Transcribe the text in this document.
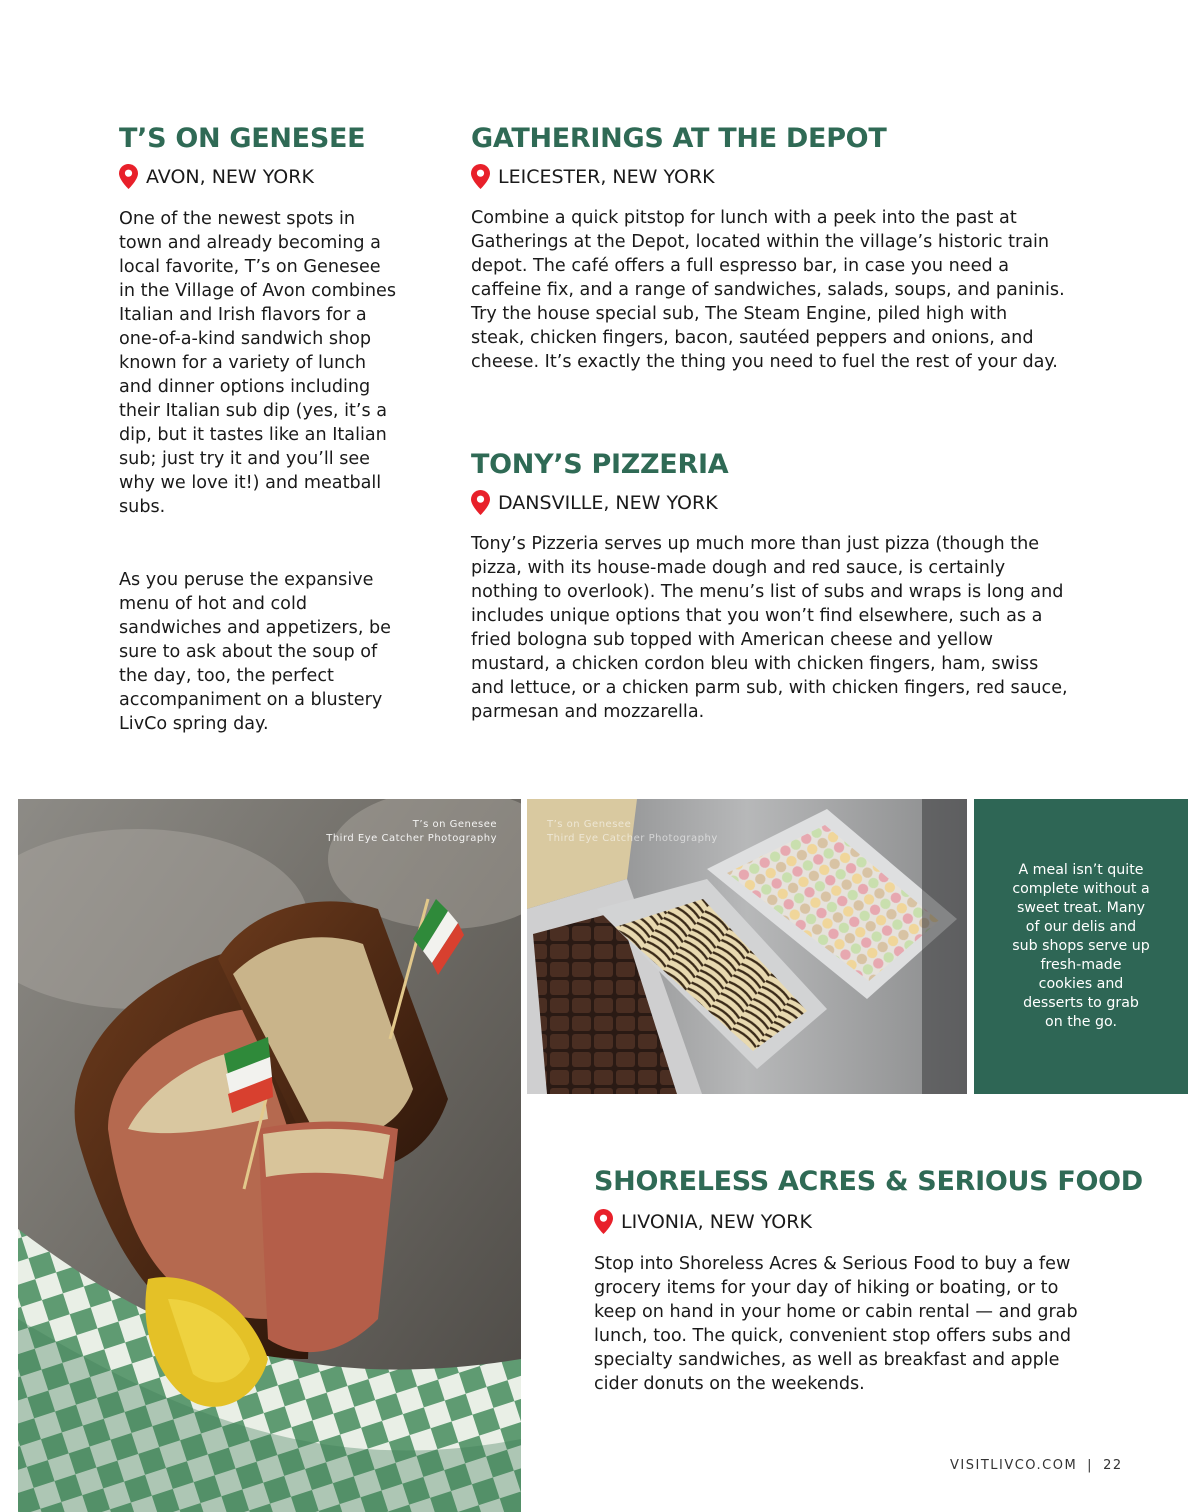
T’S ON GENESEE
AVON, NEW YORK

One of the newest spots in town and already becoming a local favorite, T’s on Genesee in the Village of Avon combines Italian and Irish flavors for a one-of-a-kind sandwich shop known for a variety of lunch and dinner options including their Italian sub dip (yes, it’s a dip, but it tastes like an Italian sub; just try it and you’ll see why we love it!) and meatball subs.

As you peruse the expansive menu of hot and cold sandwiches and appetizers, be sure to ask about the soup of the day, too, the perfect accompaniment on a blustery LivCo spring day.

GATHERINGS AT THE DEPOT
LEICESTER, NEW YORK

Combine a quick pitstop for lunch with a peek into the past at Gatherings at the Depot, located within the village’s historic train depot. The café offers a full espresso bar, in case you need a caffeine fix, and a range of sandwiches, salads, soups, and paninis. Try the house special sub, The Steam Engine, piled high with steak, chicken fingers, bacon, sautéed peppers and onions, and cheese. It’s exactly the thing you need to fuel the rest of your day.

TONY’S PIZZERIA
DANSVILLE, NEW YORK

Tony’s Pizzeria serves up much more than just pizza (though the pizza, with its house-made dough and red sauce, is certainly nothing to overlook). The menu’s list of subs and wraps is long and includes unique options that you won’t find elsewhere, such as a fried bologna sub topped with American cheese and yellow mustard, a chicken cordon bleu with chicken fingers, ham, swiss and lettuce, or a chicken parm sub, with chicken fingers, red sauce, parmesan and mozzarella.

T’s on Genesee
Third Eye Catcher Photography
T’s on Genesee
Third Eye Catcher Photography

A meal isn’t quite complete without a sweet treat. Many of our delis and sub shops serve up fresh-made cookies and desserts to grab on the go.

SHORELESS ACRES & SERIOUS FOOD
LIVONIA, NEW YORK

Stop into Shoreless Acres & Serious Food to buy a few grocery items for your day of hiking or boating, or to keep on hand in your home or cabin rental — and grab lunch, too. The quick, convenient stop offers subs and specialty sandwiches, as well as breakfast and apple cider donuts on the weekends.

VISITLIVCO.COM | 22
